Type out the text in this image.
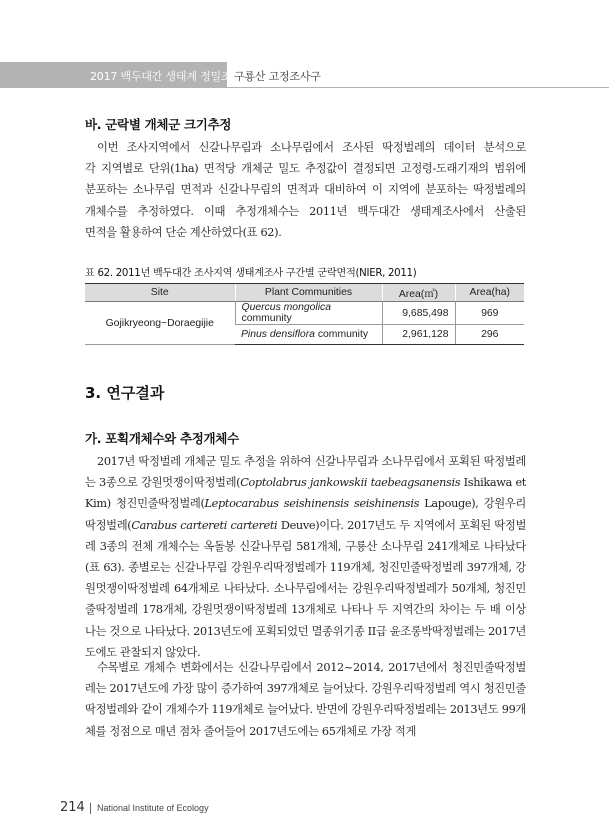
2017 백두대간 생태계 정밀조사
구룡산 고정조사구
바. 군락별 개체군 크기추정
이번 조사지역에서 신갈나무림과 소나무림에서 조사된 딱정벌레의 데이터 분석으로
각 지역별로 단위(1ha) 면적당 개체군 밀도 추정값이 결정되면 고정령-도래기재의 범위에
분포하는 소나무림 면적과 신갈나무림의 면적과 대비하여 이 지역에 분포하는 딱정벌레의
개체수를 추정하였다. 이때 추정개체수는 2011년 백두대간 생태계조사에서 산출된
면적을 활용하여 단순 계산하였다(표 62).
표 62. 2011년 백두대간 조사지역 생태계조사 구간별 군락면적(NIER, 2011)
Site	Plant Communities	Area(㎡)	Area(ha)
Gojikryeong~Doraegijie	Quercus mongolica community	9,685,498	969
	Pinus densiflora community	2,961,128	296
3. 연구결과
가. 포획개체수와 추정개체수

2017년 딱정벌레 개체군 밀도 추정을 위하여 신갈나무림과 소나무림에서 포획된 딱정벌레는 3종으로 강원멋쟁이딱정벌레(Coptolabrus jankowskii taebeagsanensis Ishikawa et Kim) 청진민줄딱정벌레(Leptocarabus seishinensis seishinensis Lapouge), 강원우리딱정벌레(Carabus cartereti cartereti Deuve)이다. 2017년도 두 지역에서 포획된 딱정벌레 3종의 전체 개체수는 옥돌봉 신갈나무림 581개체, 구룡산 소나무림 241개체로 나타났다(표 63). 종별로는 신갈나무림 강원우리딱정벌레가 119개체, 청진민줄딱정벌레 397개체, 강원멋쟁이딱정벌레 64개체로 나타났다. 소나무림에서는 강원우리딱정벌레가 50개체, 청진민줄딱정벌레 178개체, 강원멋쟁이딱정벌레 13개체로 나타나 두 지역간의 차이는 두 배 이상 나는 것으로 나타났다. 2013년도에 포획되었던 멸종위기종 II급 윤조롱박딱정벌레는 2017년도에도 관찰되지 않았다.

수목별로 개체수 변화에서는 신갈나무림에서 2012~2014, 2017년에서 청진민줄딱정벌레는 2017년도에 가장 많이 증가하여 397개체로 늘어났다. 강원우리딱정벌레 역시 청진민줄딱정벌레와 같이 개체수가 119개체로 늘어났다. 반면에 강원우리딱정벌레는 2013년도 99개체를 정점으로 매년 점차 줄어들어 2017년도에는 65개체로 가장 적게

214 National Institute of Ecology
